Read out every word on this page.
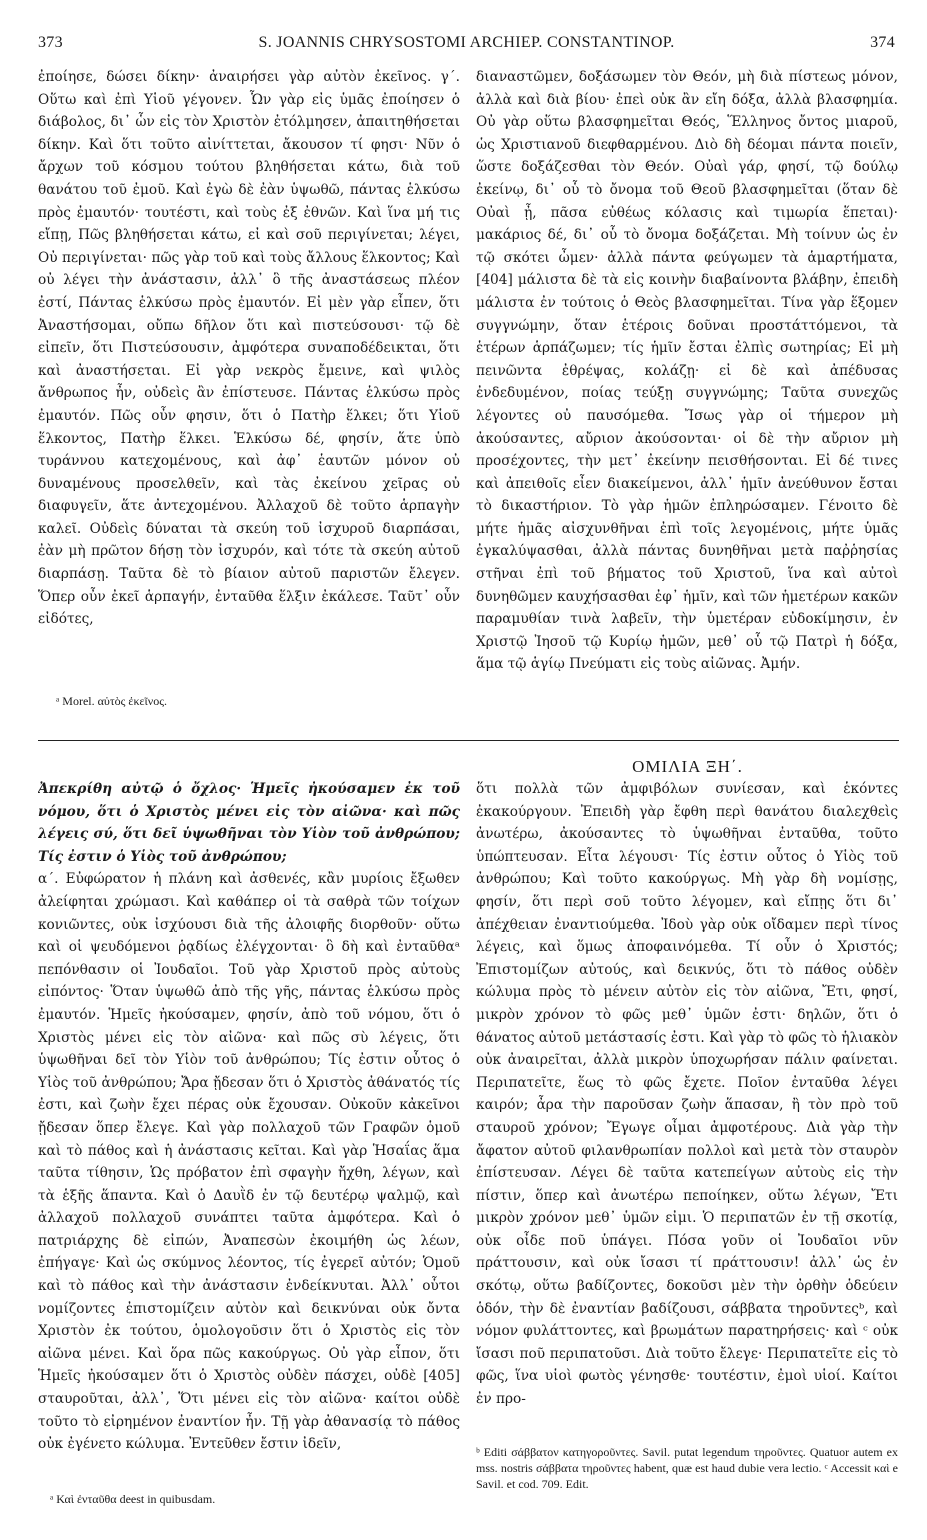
373	S. JOANNIS CHRYSOSTOMI ARCHIEP. CONSTANTINOP.	374

ἐποίησε, δώσει δίκην· ἀναιρήσει γὰρ αὐτὸν ἐκεῖνος. γ΄. Οὕτω καὶ ἐπὶ Υἱοῦ γέγονεν. Ὧν γὰρ εἰς ὑμᾶς ἐποίησεν ὁ διάβολος, δι᾽ ὧν εἰς τὸν Χριστὸν ἐτόλμησεν, ἀπαιτηθήσεται δίκην. Καὶ ὅτι τοῦτο αἰνίττεται, ἄκουσον τί φησι· Νῦν ὁ ἄρχων τοῦ κόσμου τούτου βληθήσεται κάτω, διὰ τοῦ θανάτου τοῦ ἐμοῦ. Καὶ ἐγὼ δὲ ἐὰν ὑψωθῶ, πάντας ἑλκύσω πρὸς ἐμαυτόν· τουτέστι, καὶ τοὺς ἐξ ἐθνῶν. Καὶ ἵνα μή τις εἴπῃ, Πῶς βληθήσεται κάτω, εἰ καὶ σοῦ περιγίνεται; λέγει, Οὐ περιγίνεται· πῶς γὰρ τοῦ καὶ τοὺς ἄλλους ἕλκοντος; Καὶ οὐ λέγει τὴν ἀνάστασιν, ἀλλ᾽ ὃ τῆς ἀναστάσεως πλέον ἐστί, Πάντας ἑλκύσω πρὸς ἐμαυτόν. Εἰ μὲν γὰρ εἶπεν, ὅτι Ἀναστήσομαι, οὔπω δῆλον ὅτι καὶ πιστεύσουσι· τῷ δὲ εἰπεῖν, ὅτι Πιστεύσουσιν, ἀμφότερα συναποδέδεικται, ὅτι καὶ ἀναστήσεται. Εἰ γὰρ νεκρὸς ἔμεινε, καὶ ψιλὸς ἄνθρωπος ἦν, οὐδεὶς ἂν ἐπίστευσε. Πάντας ἑλκύσω πρὸς ἐμαυτόν. Πῶς οὖν φησιν, ὅτι ὁ Πατὴρ ἕλκει; ὅτι Υἱοῦ ἕλκοντος, Πατὴρ ἕλκει. Ἑλκύσω δέ, φησίν, ἅτε ὑπὸ τυράννου κατεχομένους, καὶ ἀφ᾽ ἑαυτῶν μόνον οὐ δυναμένους προσελθεῖν, καὶ τὰς ἐκείνου χεῖρας οὐ διαφυγεῖν, ἅτε ἀντεχομένου. Ἀλλαχοῦ δὲ τοῦτο ἁρπαγὴν καλεῖ. Οὐδεὶς δύναται τὰ σκεύη τοῦ ἰσχυροῦ διαρπάσαι, ἐὰν μὴ πρῶτον δήσῃ τὸν ἰσχυρόν, καὶ τότε τὰ σκεύη αὐτοῦ διαρπάσῃ. Ταῦτα δὲ τὸ βίαιον αὐτοῦ παριστῶν ἔλεγεν. Ὅπερ οὖν ἐκεῖ ἁρπαγήν, ἐνταῦθα ἕλξιν ἐκάλεσε. Ταῦτ᾽ οὖν εἰδότες,

διαναστῶμεν, δοξάσωμεν τὸν Θεόν, μὴ διὰ πίστεως μόνον, ἀλλὰ καὶ διὰ βίου· ἐπεὶ οὐκ ἂν εἴη δόξα, ἀλλὰ βλασφημία. Οὐ γὰρ οὕτω βλασφημεῖται Θεός, Ἕλληνος ὄντος μιαροῦ, ὡς Χριστιανοῦ διεφθαρμένου. Διὸ δὴ δέομαι πάντα ποιεῖν, ὥστε δοξάζεσθαι τὸν Θεόν. Οὐαὶ γάρ, φησί, τῷ δούλῳ ἐκείνῳ, δι᾽ οὗ τὸ ὄνομα τοῦ Θεοῦ βλασφημεῖται (ὅταν δὲ Οὐαὶ ᾖ, πᾶσα εὐθέως κόλασις καὶ τιμωρία ἕπεται)· μακάριος δέ, δι᾽ οὗ τὸ ὄνομα δοξάζεται. Μὴ τοίνυν ὡς ἐν τῷ σκότει ὦμεν· ἀλλὰ πάντα φεύγωμεν τὰ ἁμαρτήματα, [404] μάλιστα δὲ τὰ εἰς κοινὴν διαβαίνοντα βλάβην, ἐπειδὴ μάλιστα ἐν τούτοις ὁ Θεὸς βλασφημεῖται. Τίνα γὰρ ἕξομεν συγγνώμην, ὅταν ἑτέροις δοῦναι προστάττόμενοι, τὰ ἑτέρων ἁρπάζωμεν; τίς ἡμῖν ἔσται ἐλπὶς σωτηρίας; Εἰ μὴ πεινῶντα ἐθρέψας, κολάζῃ· εἰ δὲ καὶ ἀπέδυσας ἐνδεδυμένον, ποίας τεύξῃ συγγνώμης; Ταῦτα συνεχῶς λέγοντες οὐ παυσόμεθα. Ἴσως γὰρ οἱ τήμερον μὴ ἀκούσαντες, αὔριον ἀκούσονται· οἱ δὲ τὴν αὔριον μὴ προσέχοντες, τὴν μετ᾽ ἐκείνην πεισθήσονται. Εἰ δέ τινες καὶ ἀπειθοῖς εἶεν διακείμενοι, ἀλλ᾽ ἡμῖν ἀνεύθυνον ἔσται τὸ δικαστήριον. Τὸ γὰρ ἡμῶν ἐπληρώσαμεν. Γένοιτο δὲ μήτε ἡμᾶς αἰσχυνθῆναι ἐπὶ τοῖς λεγομένοις, μήτε ὑμᾶς ἐγκαλύψασθαι, ἀλλὰ πάντας δυνηθῆναι μετὰ παῤῥησίας στῆναι ἐπὶ τοῦ βήματος τοῦ Χριστοῦ, ἵνα καὶ αὐτοὶ δυνηθῶμεν καυχήσασθαι ἐφ᾽ ἡμῖν, καὶ τῶν ἡμετέρων κακῶν παραμυθίαν τινὰ λαβεῖν, τὴν ὑμετέραν εὐδοκίμησιν, ἐν Χριστῷ Ἰησοῦ τῷ Κυρίῳ ἡμῶν, μεθ᾽ οὗ τῷ Πατρὶ ἡ δόξα, ἅμα τῷ ἁγίῳ Πνεύματι εἰς τοὺς αἰῶνας. Ἀμήν.

ᵃ Morel. αὐτὸς ἐκεῖνος.
ΟΜΙΛΙΑ ΞΗ΄.

Ἀπεκρίθη αὐτῷ ὁ ὄχλος· Ἡμεῖς ἠκούσαμεν ἐκ τοῦ νόμου, ὅτι ὁ Χριστὸς μένει εἰς τὸν αἰῶνα· καὶ πῶς λέγεις σύ, ὅτι δεῖ ὑψωθῆναι τὸν Υἱὸν τοῦ ἀνθρώπου; Τίς ἐστιν ὁ Υἱὸς τοῦ ἀνθρώπου;

α΄. Εὐφώρατον ἡ πλάνη καὶ ἀσθενές, κἂν μυρίοις ἔξωθεν ἀλείφηται χρώμασι. Καὶ καθάπερ οἱ τὰ σαθρὰ τῶν τοίχων κονιῶντες, οὐκ ἰσχύουσι διὰ τῆς ἀλοιφῆς διορθοῦν· οὕτω καὶ οἱ ψευδόμενοι ῥᾳδίως ἐλέγχονται· ὃ δὴ καὶ ἐνταῦθαᵃ πεπόνθασιν οἱ Ἰουδαῖοι. Τοῦ γὰρ Χριστοῦ πρὸς αὐτοὺς εἰπόντος· Ὅταν ὑψωθῶ ἀπὸ τῆς γῆς, πάντας ἑλκύσω πρὸς ἐμαυτόν. Ἡμεῖς ἠκούσαμεν, φησίν, ἀπὸ τοῦ νόμου, ὅτι ὁ Χριστὸς μένει εἰς τὸν αἰῶνα· καὶ πῶς σὺ λέγεις, ὅτι ὑψωθῆναι δεῖ τὸν Υἱὸν τοῦ ἀνθρώπου; Τίς ἐστιν οὗτος ὁ Υἱὸς τοῦ ἀνθρώπου; Ἄρα ᾔδεσαν ὅτι ὁ Χριστὸς ἀθάνατός τίς ἐστι, καὶ ζωὴν ἔχει πέρας οὐκ ἔχουσαν. Οὐκοῦν κἀκεῖνοι ᾔδεσαν ὅπερ ἔλεγε. Καὶ γὰρ πολλαχοῦ τῶν Γραφῶν ὁμοῦ καὶ τὸ πάθος καὶ ἡ ἀνάστασις κεῖται. Καὶ γὰρ Ἡσαΐας ἅμα ταῦτα τίθησιν, Ὡς πρόβατον ἐπὶ σφαγὴν ἤχθη, λέγων, καὶ τὰ ἑξῆς ἅπαντα. Καὶ ὁ Δαυῒδ ἐν τῷ δευτέρῳ ψαλμῷ, καὶ ἀλλαχοῦ πολλαχοῦ συνάπτει ταῦτα ἀμφότερα. Καὶ ὁ πατριάρχης δὲ εἰπών, Ἀναπεσὼν ἐκοιμήθη ὡς λέων, ἐπήγαγε· Καὶ ὡς σκύμνος λέοντος, τίς ἐγερεῖ αὐτόν; Ὁμοῦ καὶ τὸ πάθος καὶ τὴν ἀνάστασιν ἐνδείκνυται. Ἀλλ᾽ οὗτοι νομίζοντες ἐπιστομίζειν αὐτὸν καὶ δεικνύναι οὐκ ὄντα Χριστὸν ἐκ τούτου, ὁμολογοῦσιν ὅτι ὁ Χριστὸς εἰς τὸν αἰῶνα μένει. Καὶ ὅρα πῶς κακούργως. Οὐ γὰρ εἶπον, ὅτι Ἡμεῖς ἠκούσαμεν ὅτι ὁ Χριστὸς οὐδὲν πάσχει, οὐδὲ [405] σταυροῦται, ἀλλ᾽, Ὅτι μένει εἰς τὸν αἰῶνα· καίτοι οὐδὲ τοῦτο τὸ εἰρημένον ἐναντίον ἦν. Τῇ γὰρ ἀθανασίᾳ τὸ πάθος οὐκ ἐγένετο κώλυμα. Ἐντεῦθεν ἔστιν ἰδεῖν,

ὅτι πολλὰ τῶν ἀμφιβόλων συνίεσαν, καὶ ἑκόντες ἐκακούργουν. Ἐπειδὴ γὰρ ἔφθη περὶ θανάτου διαλεχθεὶς ἀνωτέρω, ἀκούσαντες τὸ ὑψωθῆναι ἐνταῦθα, τοῦτο ὑπώπτευσαν. Εἶτα λέγουσι· Τίς ἐστιν οὗτος ὁ Υἱὸς τοῦ ἀνθρώπου; Καὶ τοῦτο κακούργως. Μὴ γὰρ δὴ νομίσῃς, φησίν, ὅτι περὶ σοῦ τοῦτο λέγομεν, καὶ εἴπῃς ὅτι δι᾽ ἀπέχθειαν ἐναντιούμεθα. Ἰδοὺ γὰρ οὐκ οἴδαμεν περὶ τίνος λέγεις, καὶ ὅμως ἀποφαινόμεθα. Τί οὖν ὁ Χριστός; Ἐπιστομίζων αὐτούς, καὶ δεικνύς, ὅτι τὸ πάθος οὐδὲν κώλυμα πρὸς τὸ μένειν αὐτὸν εἰς τὸν αἰῶνα, Ἔτι, φησί, μικρὸν χρόνον τὸ φῶς μεθ᾽ ὑμῶν ἐστι· δηλῶν, ὅτι ὁ θάνατος αὐτοῦ μετάστασίς ἐστι. Καὶ γὰρ τὸ φῶς τὸ ἡλιακὸν οὐκ ἀναιρεῖται, ἀλλὰ μικρὸν ὑποχωρήσαν πάλιν φαίνεται. Περιπατεῖτε, ἕως τὸ φῶς ἔχετε. Ποῖον ἐνταῦθα λέγει καιρόν; ἆρα τὴν παροῦσαν ζωὴν ἅπασαν, ἢ τὸν πρὸ τοῦ σταυροῦ χρόνον; Ἔγωγε οἶμαι ἀμφοτέρους. Διὰ γὰρ τὴν ἄφατον αὐτοῦ φιλανθρωπίαν πολλοὶ καὶ μετὰ τὸν σταυρὸν ἐπίστευσαν. Λέγει δὲ ταῦτα κατεπείγων αὐτοὺς εἰς τὴν πίστιν, ὅπερ καὶ ἀνωτέρω πεποίηκεν, οὕτω λέγων, Ἔτι μικρὸν χρόνον μεθ᾽ ὑμῶν εἰμι. Ὁ περιπατῶν ἐν τῇ σκοτίᾳ, οὐκ οἶδε ποῦ ὑπάγει. Πόσα γοῦν οἱ Ἰουδαῖοι νῦν πράττουσιν, καὶ οὐκ ἴσασι τί πράττουσιν! ἀλλ᾽ ὡς ἐν σκότῳ, οὕτω βαδίζοντες, δοκοῦσι μὲν τὴν ὀρθὴν ὁδεύειν ὁδόν, τὴν δὲ ἐναντίαν βαδίζουσι, σάββατα τηροῦντεςᵇ, καὶ νόμον φυλάττοντες, καὶ βρωμάτων παρατηρήσεις· καὶ ᶜ οὐκ ἴσασι ποῦ περιπατοῦσι. Διὰ τοῦτο ἔλεγε· Περιπατεῖτε εἰς τὸ φῶς, ἵνα υἱοὶ φωτὸς γένησθε· τουτέστιν, ἐμοὶ υἱοί. Καίτοι ἐν προ-

ᵃ Καὶ ἐνταῦθα deest in quibusdam.
ᵇ Editi σάββατον κατηγοροῦντες. Savil. putat legendum τηροῦντες. Quatuor autem ex mss. nostris σάββατα τηροῦντες habent, quæ est haud dubie vera lectio. ᶜ Accessit καὶ e Savil. et cod. 709. Edit.
